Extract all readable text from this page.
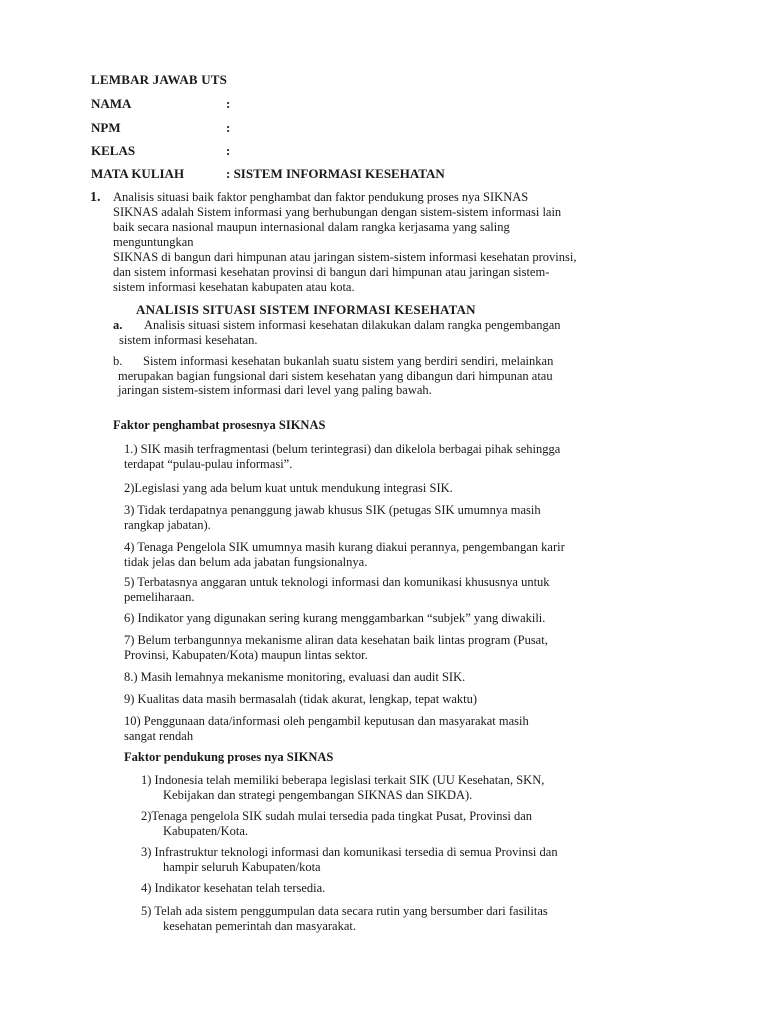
LEMBAR JAWAB UTS
NAMA	:
NPM	:
KELAS	:
MATA KULIAH	: SISTEM INFORMASI KESEHATAN
1. Analisis situasi baik faktor penghambat dan faktor pendukung proses nya SIKNAS
SIKNAS adalah Sistem informasi yang berhubungan dengan sistem-sistem informasi lain
baik secara nasional maupun internasional dalam rangka kerjasama yang saling
menguntungkan
SIKNAS di bangun dari himpunan atau jaringan sistem-sistem informasi kesehatan provinsi,
dan sistem informasi kesehatan provinsi di bangun dari himpunan atau jaringan sistem-
sistem informasi kesehatan kabupaten atau kota.
ANALISIS SITUASI SISTEM INFORMASI KESEHATAN
a. Analisis situasi sistem informasi kesehatan dilakukan dalam rangka pengembangan
sistem informasi kesehatan.
b. Sistem informasi kesehatan bukanlah suatu sistem yang berdiri sendiri, melainkan
merupakan bagian fungsional dari sistem kesehatan yang dibangun dari himpunan atau
jaringan sistem-sistem informasi dari level yang paling bawah.
Faktor penghambat prosesnya SIKNAS
1.) SIK masih terfragmentasi (belum terintegrasi) dan dikelola berbagai pihak sehingga
terdapat “pulau-pulau informasi”.
2)Legislasi yang ada belum kuat untuk mendukung integrasi SIK.
3) Tidak terdapatnya penanggung jawab khusus SIK (petugas SIK umumnya masih
rangkap jabatan).
4) Tenaga Pengelola SIK umumnya masih kurang diakui perannya, pengembangan karir
tidak jelas dan belum ada jabatan fungsionalnya.
5) Terbatasnya anggaran untuk teknologi informasi dan komunikasi khususnya untuk
pemeliharaan.
6) Indikator yang digunakan sering kurang menggambarkan “subjek” yang diwakili.
7) Belum terbangunnya mekanisme aliran data kesehatan baik lintas program (Pusat,
Provinsi, Kabupaten/Kota) maupun lintas sektor.
8.) Masih lemahnya mekanisme monitoring, evaluasi dan audit SIK.
9) Kualitas data masih bermasalah (tidak akurat, lengkap, tepat waktu)
10) Penggunaan data/informasi oleh pengambil keputusan dan masyarakat masih
sangat rendah
Faktor pendukung proses nya SIKNAS
1) Indonesia telah memiliki beberapa legislasi terkait SIK (UU Kesehatan, SKN,
Kebijakan dan strategi pengembangan SIKNAS dan SIKDA).
2)Tenaga pengelola SIK sudah mulai tersedia pada tingkat Pusat, Provinsi dan
Kabupaten/Kota.
3) Infrastruktur teknologi informasi dan komunikasi tersedia di semua Provinsi dan
hampir seluruh Kabupaten/kota
4) Indikator kesehatan telah tersedia.
5) Telah ada sistem penggumpulan data secara rutin yang bersumber dari fasilitas
kesehatan pemerintah dan masyarakat.
